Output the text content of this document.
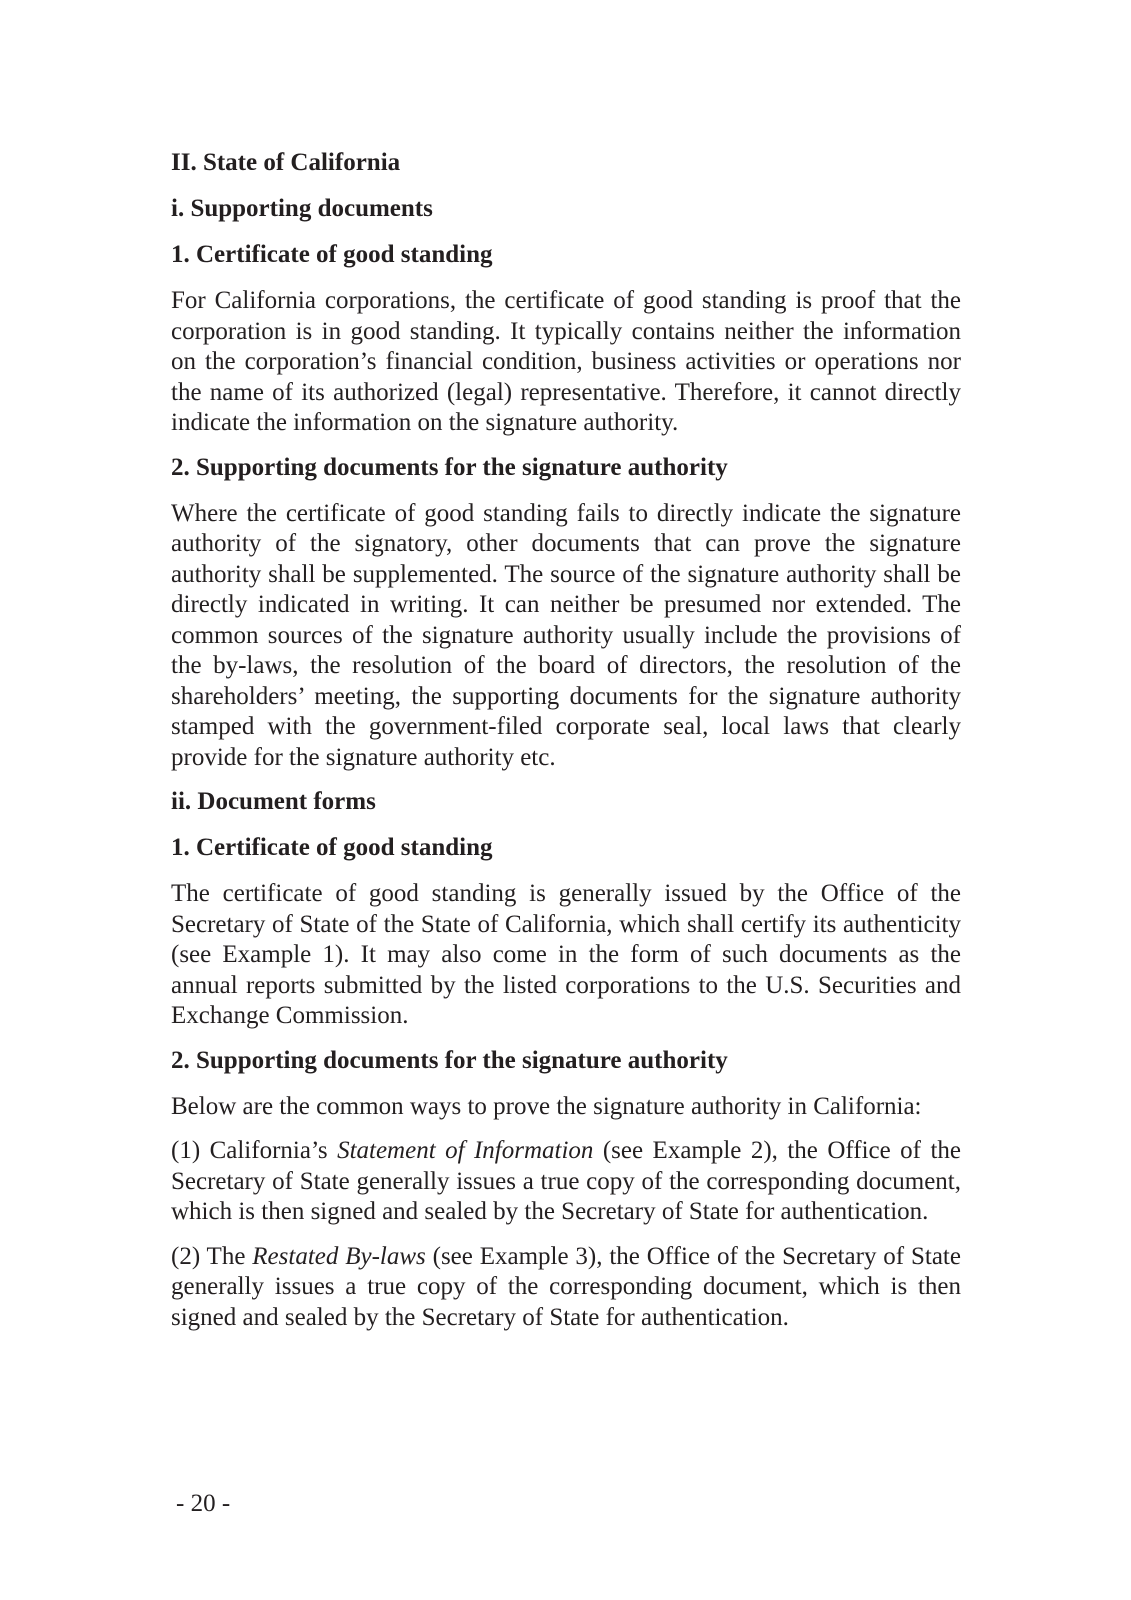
II. State of California
i. Supporting documents
1. Certificate of good standing

For California corporations, the certificate of good standing is proof that the corporation is in good standing. It typically contains neither the information on the corporation’s financial condition, business activities or operations nor the name of its authorized (legal) representative. Therefore, it cannot directly indicate the information on the signature authority.

2. Supporting documents for the signature authority

Where the certificate of good standing fails to directly indicate the signature authority of the signatory, other documents that can prove the signature authority shall be supplemented. The source of the signature authority shall be directly indicated in writing. It can neither be presumed nor extended. The common sources of the signature authority usually include the provisions of the by-laws, the resolution of the board of directors, the resolution of the shareholders’ meeting, the supporting documents for the signature authority stamped with the government-filed corporate seal, local laws that clearly provide for the signature authority etc.

ii. Document forms
1. Certificate of good standing

The certificate of good standing is generally issued by the Office of the Secretary of State of the State of California, which shall certify its authenticity (see Example 1). It may also come in the form of such documents as the annual reports submitted by the listed corporations to the U.S. Securities and Exchange Commission.

2. Supporting documents for the signature authority

Below are the common ways to prove the signature authority in California:

(1) California’s Statement of Information (see Example 2), the Office of the Secretary of State generally issues a true copy of the corresponding document, which is then signed and sealed by the Secretary of State for authentication.

(2) The Restated By-laws (see Example 3), the Office of the Secretary of State generally issues a true copy of the corresponding document, which is then signed and sealed by the Secretary of State for authentication.

- 20 -
